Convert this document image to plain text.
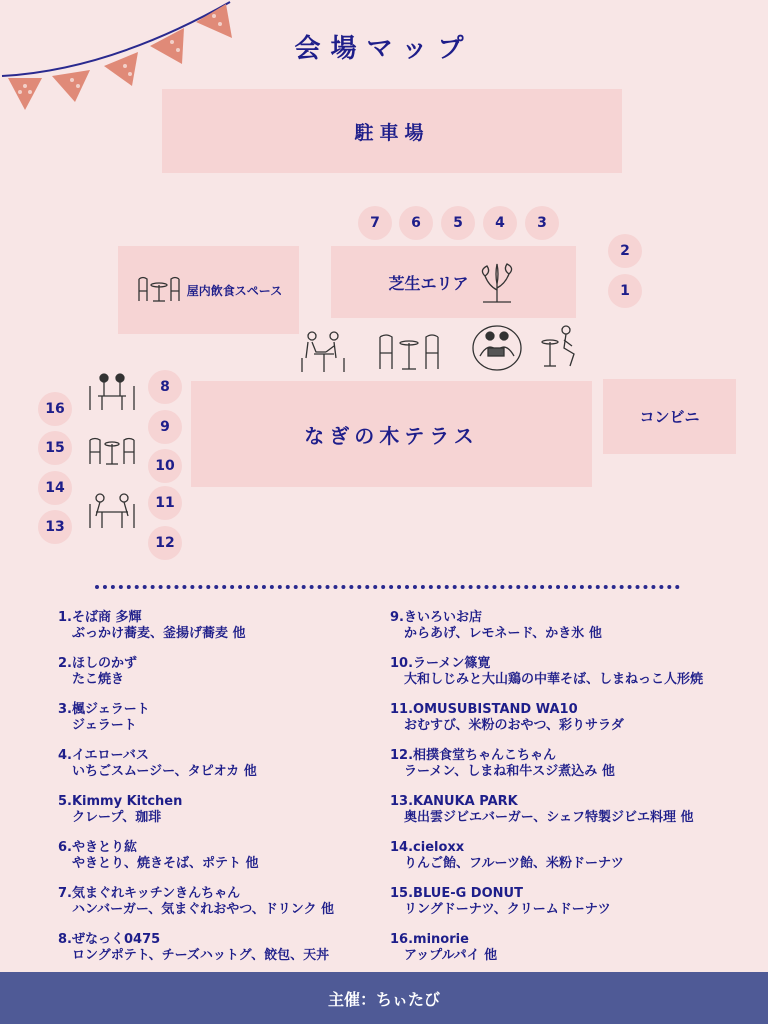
会場マップ
駐車場
7	6	5	4	3
2
1
屋内飲食スペース	芝生エリア
8
16
9
15
10
14
11
13
12
なぎの木テラス
コンビニ
1.そば商 多輝
ぶっかけ蕎麦、釜揚げ蕎麦 他
2.ほしのかず
たこ焼き
3.楓ジェラート
ジェラート
4.イエローバス
いちごスムージー、タピオカ 他
5.Kimmy Kitchen
クレープ、珈琲
6.やきとり紘
やきとり、焼きそば、ポテト 他
7.気まぐれキッチンきんちゃん
ハンバーガー、気まぐれおやつ、ドリンク 他
8.ぜなっく0475
ロングポテト、チーズハットグ、餃包、天丼
9.きいろいお店
からあげ、レモネード、かき氷 他
10.ラーメン篠寛
大和しじみと大山鶏の中華そば、しまねっこ人形焼
11.OMUSUBISTAND WA10
おむすび、米粉のおやつ、彩りサラダ
12.相撲食堂ちゃんこちゃん
ラーメン、しまね和牛スジ煮込み 他
13.KANUKA PARK
奥出雲ジビエバーガー、シェフ特製ジビエ料理 他
14.cieloxx
りんご飴、フルーツ飴、米粉ドーナツ
15.BLUE-G DONUT
リングドーナツ、クリームドーナツ
16.minorie
アップルパイ 他
主催：ちぃたび
